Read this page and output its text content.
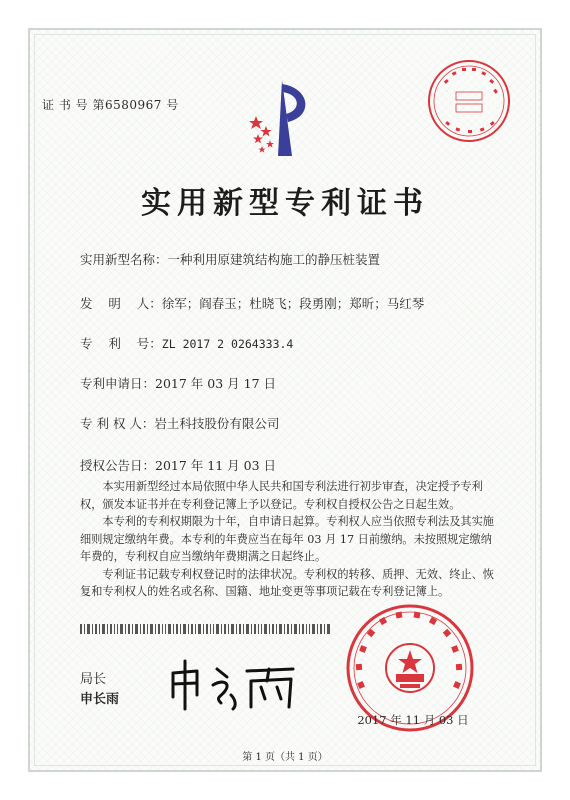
证 书 号 第6580967 号
实用新型专利证书
实用新型名称：一种利用原建筑结构施工的静压桩装置
发    明    人：徐军；阎春玉；杜晓飞；段勇刚；郑昕；马红琴
专    利    号：ZL 2017 2 0264333.4
专利申请日：2017 年 03 月 17 日
专 利 权 人：岩土科技股份有限公司
授权公告日：2017 年 11 月 03 日

本实用新型经过本局依照中华人民共和国专利法进行初步审查，决定授予专利权，颁发本证书并在专利登记簿上予以登记。专利权自授权公告之日起生效。

本专利的专利权期限为十年，自申请日起算。专利权人应当依照专利法及其实施细则规定缴纳年费。本专利的年费应当在每年 03 月 17 日前缴纳。未按照规定缴纳年费的，专利权自应当缴纳年费期满之日起终止。

专利证书记载专利权登记时的法律状况。专利权的转移、质押、无效、终止、恢复和专利权人的姓名或名称、国籍、地址变更等事项记载在专利登记簿上。

局长
申长雨
2017 年 11 月 03 日
第 1 页（共 1 页）
